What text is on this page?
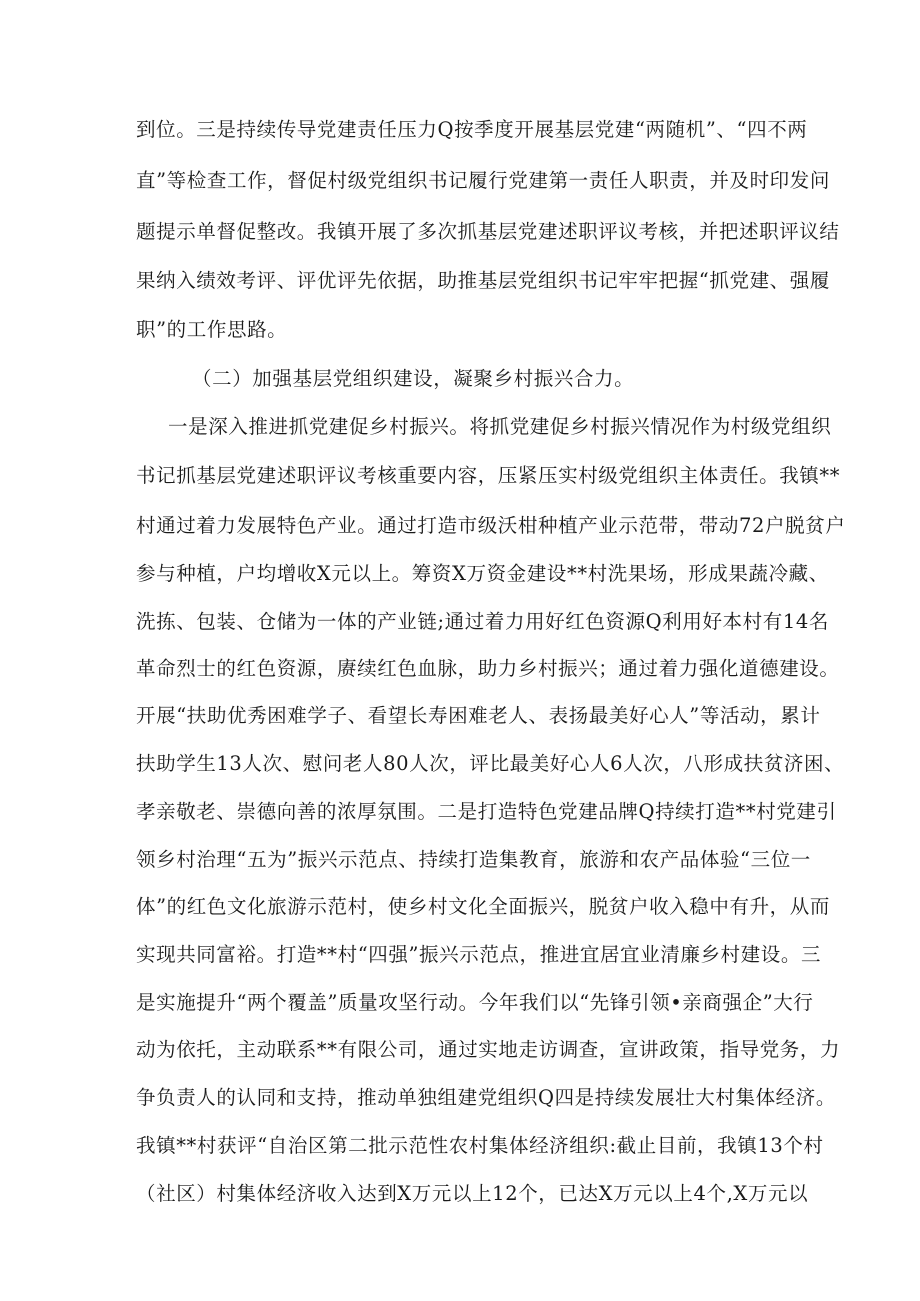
到位。三是持续传导党建责任压力Q按季度开展基层党建“两随机”、“四不两
直”等检查工作，督促村级党组织书记履行党建第一责任人职责，并及时印发问
题提示单督促整改。我镇开展了多次抓基层党建述职评议考核，并把述职评议结
果纳入绩效考评、评优评先依据，助推基层党组织书记牢牢把握“抓党建、强履
职”的工作思路。
（二）加强基层党组织建设，凝聚乡村振兴合力。
一是深入推进抓党建促乡村振兴。将抓党建促乡村振兴情况作为村级党组织
书记抓基层党建述职评议考核重要内容，压紧压实村级党组织主体责任。我镇**
村通过着力发展特色产业。通过打造市级沃柑种植产业示范带，带动72户脱贫户
参与种植，户均增收X元以上。筹资X万资金建设**村洗果场，形成果蔬冷藏、
洗拣、包装、仓储为一体的产业链;通过着力用好红色资源Q利用好本村有14名
革命烈士的红色资源，赓续红色血脉，助力乡村振兴；通过着力强化道德建设。
开展“扶助优秀困难学子、看望长寿困难老人、表扬最美好心人”等活动，累计
扶助学生13人次、慰问老人80人次，评比最美好心人6人次，八形成扶贫济困、
孝亲敬老、崇德向善的浓厚氛围。二是打造特色党建品牌Q持续打造**村党建引
领乡村治理“五为”振兴示范点、持续打造集教育，旅游和农产品体验“三位一
体”的红色文化旅游示范村，使乡村文化全面振兴，脱贫户收入稳中有升，从而
实现共同富裕。打造**村“四强”振兴示范点，推进宜居宜业清廉乡村建设。三
是实施提升“两个覆盖”质量攻坚行动。今年我们以“先锋引领•亲商强企”大行
动为依托，主动联系**有限公司，通过实地走访调查，宣讲政策，指导党务，力
争负责人的认同和支持，推动单独组建党组织Q四是持续发展壮大村集体经济。
我镇**村获评“自治区第二批示范性农村集体经济组织:截止目前，我镇13个村
（社区）村集体经济收入达到X万元以上12个，已达X万元以上4个,X万元以
